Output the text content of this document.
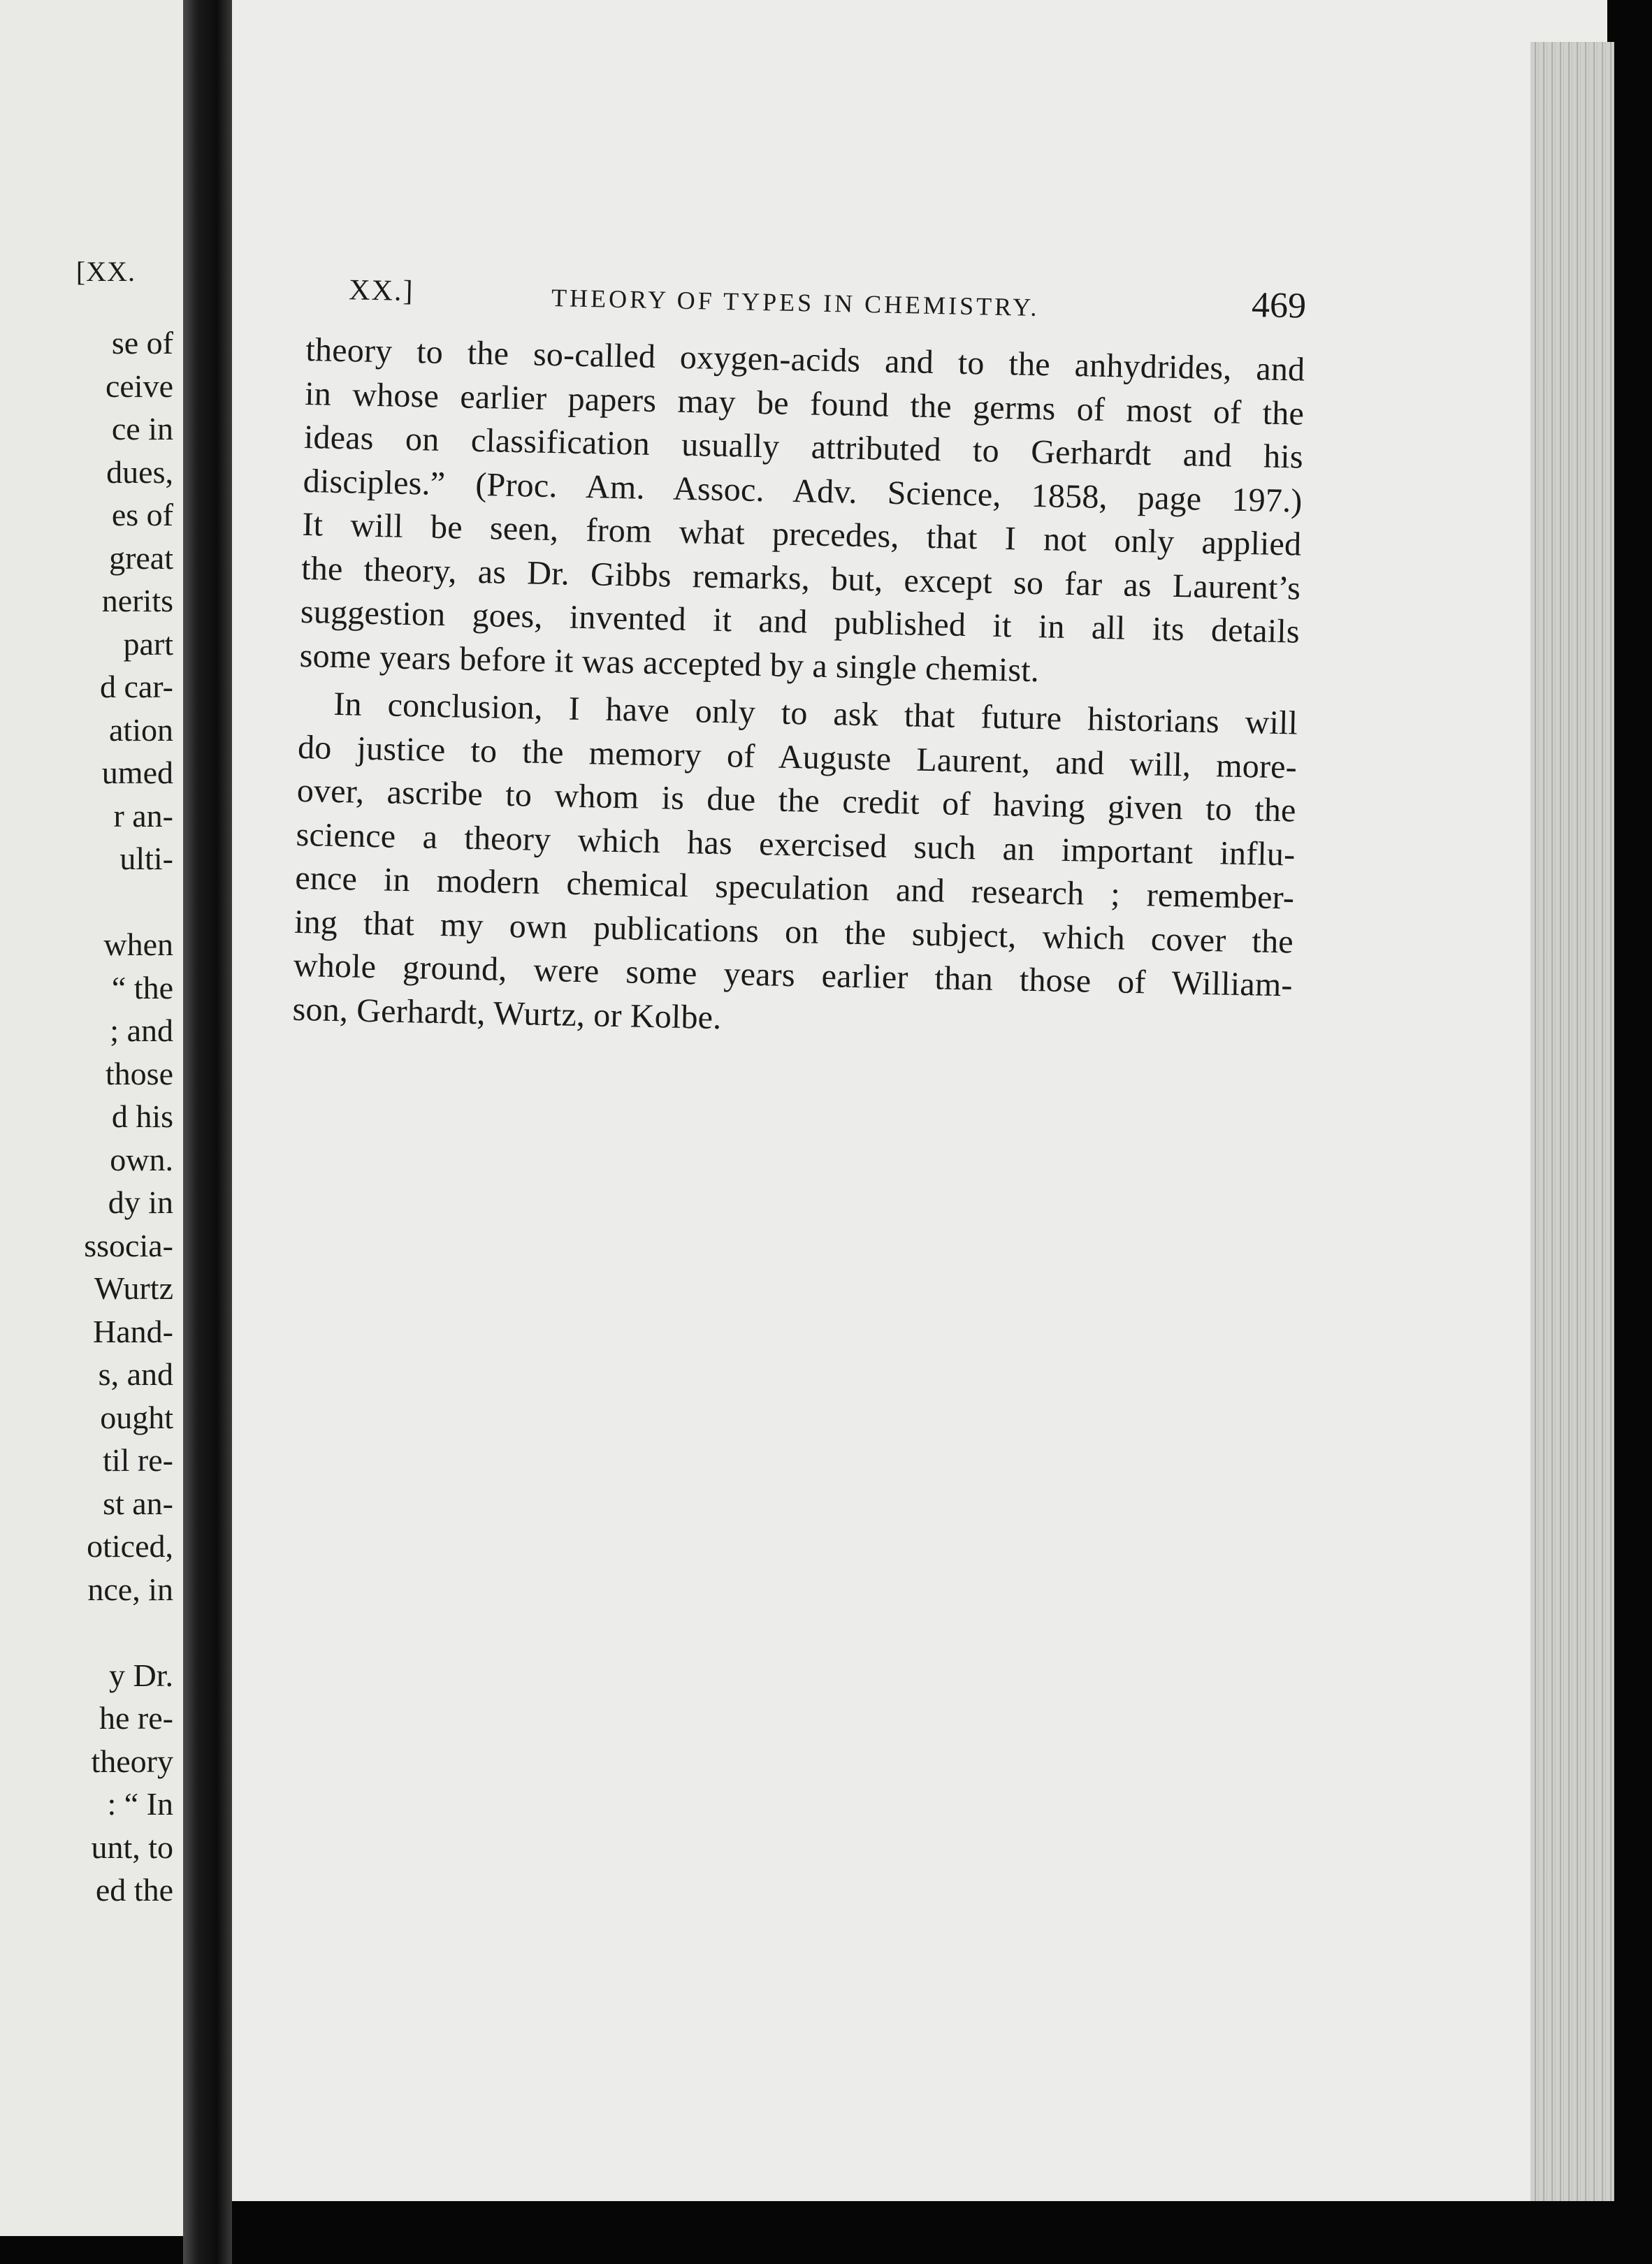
[XX.
se of
ceive
ce in
dues,
es of
great
nerits
part
d car-
ation
umed
r an-
ulti-
when
“ the
; and
those
d his
own.
dy in
ssocia-
Wurtz
Hand-
s, and
ought
til re-
st an-
oticed,
nce, in
y Dr.
he re-
theory
: “ In
unt, to
ed the
XX.]	THEORY OF TYPES IN CHEMISTRY.	469
theory to the so-called oxygen-acids and to the anhydrides, and
in whose earlier papers may be found the germs of most of the
ideas on classification usually attributed to Gerhardt and his
disciples.” (Proc. Am. Assoc. Adv. Science, 1858, page 197.)
It will be seen, from what precedes, that I not only applied
the theory, as Dr. Gibbs remarks, but, except so far as Laurent’s
suggestion goes, invented it and published it in all its details
some years before it was accepted by a single chemist.
In conclusion, I have only to ask that future historians will
do justice to the memory of Auguste Laurent, and will, more-
over, ascribe to whom is due the credit of having given to the
science a theory which has exercised such an important influ-
ence in modern chemical speculation and research ; remember-
ing that my own publications on the subject, which cover the
whole ground, were some years earlier than those of William-
son, Gerhardt, Wurtz, or Kolbe.
